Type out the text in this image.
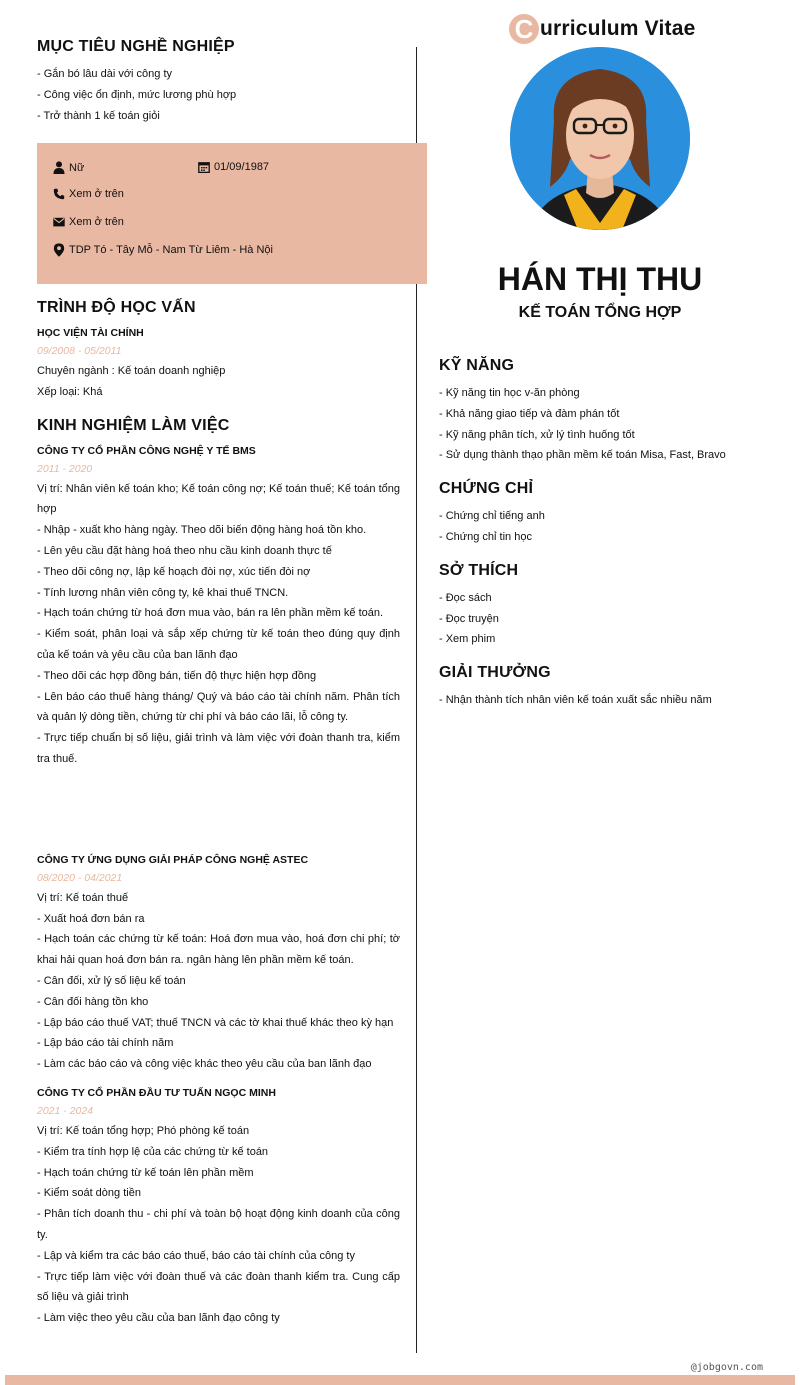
MỤC TIÊU NGHỀ NGHIỆP
- Gắn bó lâu dài với công ty
- Công việc ổn định, mức lương phù hợp
- Trở thành 1 kế toán giỏi
Nữ	01/09/1987
Xem ở trên
Xem ở trên
TDP Tó - Tây Mỗ - Nam Từ Liêm - Hà Nội
TRÌNH ĐỘ HỌC VẤN
HỌC VIỆN TÀI CHÍNH
09/2008 - 05/2011
Chuyên ngành : Kế toán doanh nghiệp
Xếp loại: Khá
KINH NGHIỆM LÀM VIỆC
CÔNG TY CỔ PHẦN CÔNG NGHỆ Y TẾ BMS
2011 - 2020
Vị trí: Nhân viên kế toán kho; Kế toán công nợ; Kế toán thuế; Kế toán tổng hợp
- Nhập - xuất kho hàng ngày. Theo dõi biến động hàng hoá tồn kho.
- Lên yêu cầu đặt hàng hoá theo nhu cầu kinh doanh thực tế
- Theo dõi công nợ, lập kế hoạch đòi nợ, xúc tiến đòi nợ
- Tính lương nhân viên công ty, kê khai thuế TNCN.
- Hạch toán chứng từ hoá đơn mua vào, bán ra lên phần mềm kế toán.
- Kiểm soát, phân loại và sắp xếp chứng từ kế toán theo đúng quy định của kế toán và yêu cầu của ban lãnh đạo
- Theo dõi các hợp đồng bán, tiến độ thực hiện hợp đồng
- Lên báo cáo thuế hàng tháng/ Quý và báo cáo tài chính năm. Phân tích và quản lý dòng tiền, chứng từ chi phí và báo cáo lãi, lỗ công ty.
- Trực tiếp chuẩn bị số liệu, giải trình và làm việc với đoàn thanh tra, kiểm tra thuế.
CÔNG TY ỨNG DỤNG GIẢI PHÁP CÔNG NGHỆ ASTEC
08/2020 - 04/2021
Vị trí: Kế toán thuế
- Xuất hoá đơn bán ra
- Hạch toán các chứng từ kế toán: Hoá đơn mua vào, hoá đơn chi phí; tờ khai hải quan hoá đơn bán ra. ngân hàng lên phần mềm kế toán.
- Cân đối, xử lý số liệu kế toán
- Cân đối hàng tồn kho
- Lập báo cáo thuế VAT; thuế TNCN và các tờ khai thuế khác theo kỳ hạn
- Lập báo cáo tài chính năm
- Làm các báo cáo và công việc khác theo yêu cầu của ban lãnh đạo
CÔNG TY CỔ PHẦN ĐẦU TƯ TUẤN NGỌC MINH
2021 - 2024
Vị trí: Kế toán tổng hợp; Phó phòng kế toán
- Kiểm tra tính hợp lệ của các chứng từ kế toán
- Hạch toán chứng từ kế toán lên phần mềm
- Kiểm soát dòng tiền
- Phân tích doanh thu - chi phí và toàn bộ hoạt động kinh doanh của công ty.
- Lập và kiểm tra các báo cáo thuế, báo cáo tài chính của công ty
- Trực tiếp làm việc với đoàn thuế và các đoàn thanh kiểm tra. Cung cấp số liệu và giải trình
- Làm việc theo yêu cầu của ban lãnh đạo công ty
C urriculum Vitae
HÁN THỊ THU
KẾ TOÁN TỔNG HỢP
KỸ NĂNG
- Kỹ năng tin học v-ăn phòng
- Khả năng giao tiếp và đàm phán tốt
- Kỹ năng phân tích, xử lý tình huống tốt
- Sử dụng thành thạo phần mềm kế toán Misa, Fast, Bravo
CHỨNG CHỈ
- Chứng chỉ tiếng anh
- Chứng chỉ tin học
SỞ THÍCH
- Đọc sách
- Đọc truyện
- Xem phim
GIẢI THƯỞNG
- Nhận thành tích nhân viên kế toán xuất sắc nhiều năm
@jobgovn.com
